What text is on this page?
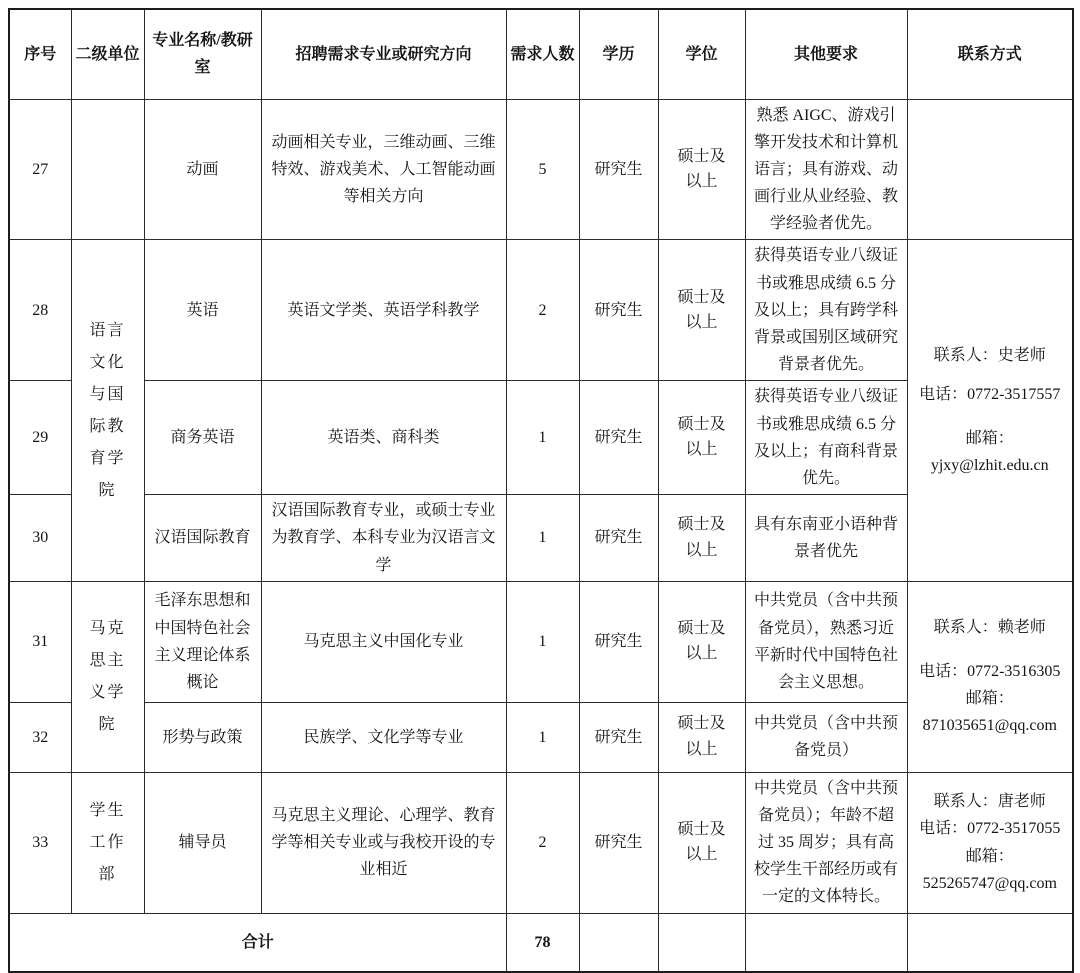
序号	二级单位	专业名称/教研室	招聘需求专业或研究方向	需求人数	学历	学位	其他要求	联系方式
27		动画	动画相关专业，三维动画、三维特效、游戏美术、人工智能动画等相关方向	5	研究生	硕士及以上	熟悉 AIGC、游戏引擎开发技术和计算机语言；具有游戏、动画行业从业经验、教学经验者优先。	
28	语言文化与国际教育学院	英语	英语文学类、英语学科教学	2	研究生	硕士及以上	获得英语专业八级证书或雅思成绩 6.5 分及以上；具有跨学科背景或国别区域研究背景者优先。	联系人：史老师
电话：0772-3517557
邮箱：
yjxy@lzhit.edu.cn

29		商务英语	英语类、商科类	1	研究生	硕士及以上	获得英语专业八级证书或雅思成绩 6.5 分及以上；有商科背景优先。	
30		汉语国际教育	汉语国际教育专业，或硕士专业为教育学、本科专业为汉语言文学	1	研究生	硕士及以上	具有东南亚小语种背景者优先	
31	马克思主义学院	毛泽东思想和中国特色社会主义理论体系概论	马克思主义中国化专业	1	研究生	硕士及以上	中共党员（含中共预备党员），熟悉习近平新时代中国特色社会主义思想。	联系人：赖老师
电话：0772-3516305
邮箱：
871035651@qq.com

32		形势与政策	民族学、文化学等专业	1	研究生	硕士及以上	中共党员（含中共预备党员）	
33	学生工作部	辅导员	马克思主义理论、心理学、教育学等相关专业或与我校开设的专业相近	2	研究生	硕士及以上	中共党员（含中共预备党员）；年龄不超过 35 周岁；具有高校学生干部经历或有一定的文体特长。	联系人：唐老师
电话：0772-3517055
邮箱：
525265747@qq.com

合计				78				
